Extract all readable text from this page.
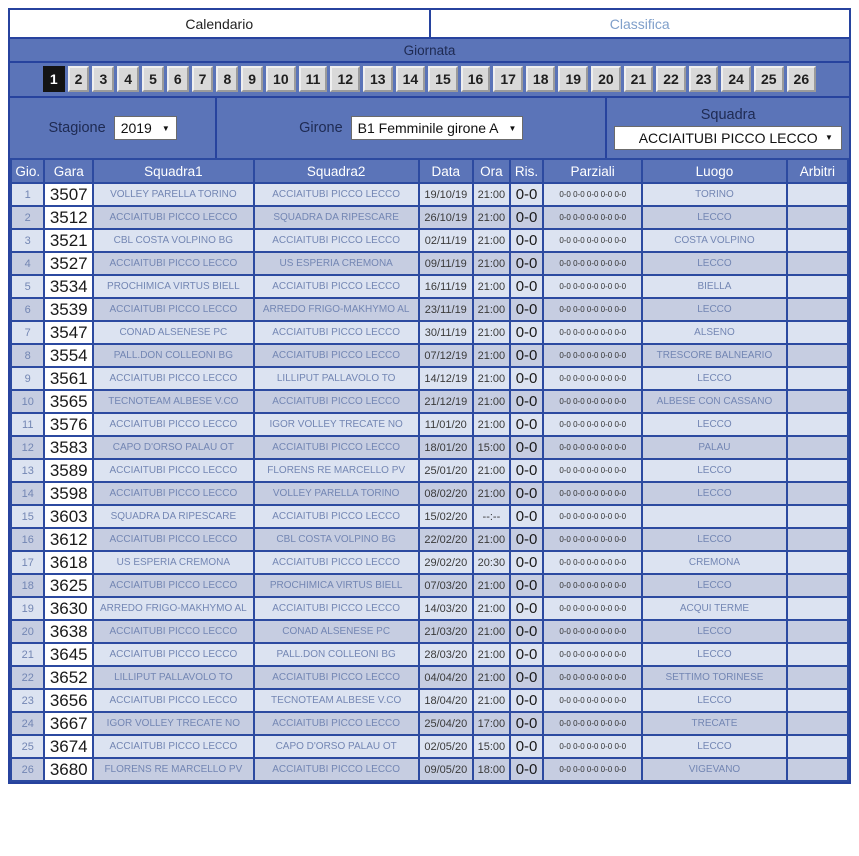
Calendario	Classifica
Giornata
1	2	3	4	5	6	7	8	9	10	11	12	13	14	15	16	17	18	19	20	21	22	23	24	25	26
Stagione 2019 ▼	Girone B1 Femminile girone A ▼
Squadra
ACCIAITUBI PICCO LECCO ▼
Gio.	Gara	Squadra1	Squadra2	Data	Ora	Ris.	Parziali	Luogo	Arbitri
1	3507	VOLLEY PARELLA TORINO	ACCIAITUBI PICCO LECCO	19/10/19	21:00	0-0	0-0 0-0 0-0 0-0 0-0	TORINO	
2	3512	ACCIAITUBI PICCO LECCO	SQUADRA DA RIPESCARE	26/10/19	21:00	0-0	0-0 0-0 0-0 0-0 0-0	LECCO	
3	3521	CBL COSTA VOLPINO BG	ACCIAITUBI PICCO LECCO	02/11/19	21:00	0-0	0-0 0-0 0-0 0-0 0-0	COSTA VOLPINO	
4	3527	ACCIAITUBI PICCO LECCO	US ESPERIA CREMONA	09/11/19	21:00	0-0	0-0 0-0 0-0 0-0 0-0	LECCO	
5	3534	PROCHIMICA VIRTUS BIELL	ACCIAITUBI PICCO LECCO	16/11/19	21:00	0-0	0-0 0-0 0-0 0-0 0-0	BIELLA	
6	3539	ACCIAITUBI PICCO LECCO	ARREDO FRIGO-MAKHYMO AL	23/11/19	21:00	0-0	0-0 0-0 0-0 0-0 0-0	LECCO	
7	3547	CONAD ALSENESE PC	ACCIAITUBI PICCO LECCO	30/11/19	21:00	0-0	0-0 0-0 0-0 0-0 0-0	ALSENO	
8	3554	PALL.DON COLLEONI BG	ACCIAITUBI PICCO LECCO	07/12/19	21:00	0-0	0-0 0-0 0-0 0-0 0-0	TRESCORE BALNEARIO	
9	3561	ACCIAITUBI PICCO LECCO	LILLIPUT PALLAVOLO TO	14/12/19	21:00	0-0	0-0 0-0 0-0 0-0 0-0	LECCO	
10	3565	TECNOTEAM ALBESE V.CO	ACCIAITUBI PICCO LECCO	21/12/19	21:00	0-0	0-0 0-0 0-0 0-0 0-0	ALBESE CON CASSANO	
11	3576	ACCIAITUBI PICCO LECCO	IGOR VOLLEY TRECATE NO	11/01/20	21:00	0-0	0-0 0-0 0-0 0-0 0-0	LECCO	
12	3583	CAPO D'ORSO PALAU OT	ACCIAITUBI PICCO LECCO	18/01/20	15:00	0-0	0-0 0-0 0-0 0-0 0-0	PALAU	
13	3589	ACCIAITUBI PICCO LECCO	FLORENS RE MARCELLO PV	25/01/20	21:00	0-0	0-0 0-0 0-0 0-0 0-0	LECCO	
14	3598	ACCIAITUBI PICCO LECCO	VOLLEY PARELLA TORINO	08/02/20	21:00	0-0	0-0 0-0 0-0 0-0 0-0	LECCO	
15	3603	SQUADRA DA RIPESCARE	ACCIAITUBI PICCO LECCO	15/02/20	--:--	0-0	0-0 0-0 0-0 0-0 0-0		
16	3612	ACCIAITUBI PICCO LECCO	CBL COSTA VOLPINO BG	22/02/20	21:00	0-0	0-0 0-0 0-0 0-0 0-0	LECCO	
17	3618	US ESPERIA CREMONA	ACCIAITUBI PICCO LECCO	29/02/20	20:30	0-0	0-0 0-0 0-0 0-0 0-0	CREMONA	
18	3625	ACCIAITUBI PICCO LECCO	PROCHIMICA VIRTUS BIELL	07/03/20	21:00	0-0	0-0 0-0 0-0 0-0 0-0	LECCO	
19	3630	ARREDO FRIGO-MAKHYMO AL	ACCIAITUBI PICCO LECCO	14/03/20	21:00	0-0	0-0 0-0 0-0 0-0 0-0	ACQUI TERME	
20	3638	ACCIAITUBI PICCO LECCO	CONAD ALSENESE PC	21/03/20	21:00	0-0	0-0 0-0 0-0 0-0 0-0	LECCO	
21	3645	ACCIAITUBI PICCO LECCO	PALL.DON COLLEONI BG	28/03/20	21:00	0-0	0-0 0-0 0-0 0-0 0-0	LECCO	
22	3652	LILLIPUT PALLAVOLO TO	ACCIAITUBI PICCO LECCO	04/04/20	21:00	0-0	0-0 0-0 0-0 0-0 0-0	SETTIMO TORINESE	
23	3656	ACCIAITUBI PICCO LECCO	TECNOTEAM ALBESE V.CO	18/04/20	21:00	0-0	0-0 0-0 0-0 0-0 0-0	LECCO	
24	3667	IGOR VOLLEY TRECATE NO	ACCIAITUBI PICCO LECCO	25/04/20	17:00	0-0	0-0 0-0 0-0 0-0 0-0	TRECATE	
25	3674	ACCIAITUBI PICCO LECCO	CAPO D'ORSO PALAU OT	02/05/20	15:00	0-0	0-0 0-0 0-0 0-0 0-0	LECCO	
26	3680	FLORENS RE MARCELLO PV	ACCIAITUBI PICCO LECCO	09/05/20	18:00	0-0	0-0 0-0 0-0 0-0 0-0	VIGEVANO	
